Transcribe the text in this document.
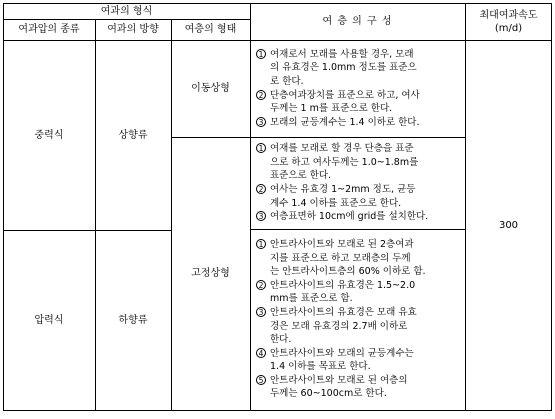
여과의 형식
여과압의 종류	여과의 방향	여층의 형태
여 층 의 구 성
최대여과속도
(m/d)
중력식
압력식
상향류
하향류
이동상형
고정상형
300
1 여재로서 모래를 사용할 경우, 모래
의 유효경은 1.0mm 정도를 표준으
로 한다.
2 단층여과장치를 표준으로 하고, 여사
두께는 1 m를 표준으로 한다.
3 모래의 균등계수는 1.4 이하로 한다.
1 여재를 모래로 할 경우 단층을 표준
으로 하고 여사두께는 1.0~1.8m를
표준으로 한다.
2 여사는 유효경 1~2mm 정도, 균등
계수 1.4 이하를 표준으로 한다.
3 여층표면하 10cm에 grid를 설치한다.
1 안트라사이트와 모래로 된 2층여과
지를 표준으로 하고 모래층의 두께
는 안트라사이트층의 60% 이하로 함.
2 안트라사이트의 유효경은 1.5~2.0
mm를 표준으로 함.
3 안트라사이트의 유효경은 모래 유효
경은 모래 유효경의 2.7배 이하로
한다.
4 안트라사이트와 모래의 균등계수는
1.4 이하를 목표로 한다.
5 안트라사이트와 모래로 된 여층의
두께는 60~100cm로 한다.
